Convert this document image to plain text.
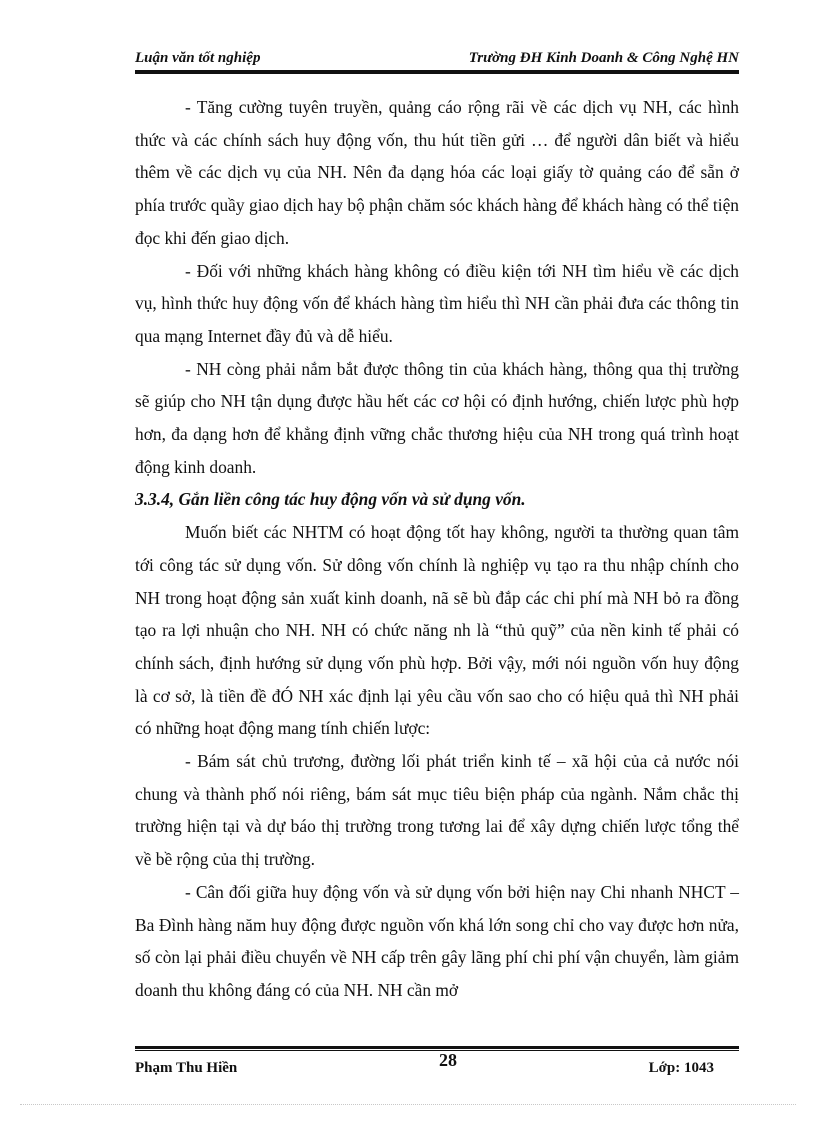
Luận văn tốt nghiệp	Trường ĐH Kinh Doanh & Công Nghệ HN

- Tăng cường tuyên truyền, quảng cáo rộng rãi về các dịch vụ NH, các hình thức và các chính sách huy động vốn, thu hút tiền gửi … để người dân biết và hiểu thêm về các dịch vụ của NH. Nên đa dạng hóa các loại giấy tờ quảng cáo để sẵn ở phía trước quầy giao dịch hay bộ phận chăm sóc khách hàng để khách hàng có thể tiện đọc khi đến giao dịch.

- Đối với những khách hàng không có điều kiện tới NH tìm hiểu về các dịch vụ, hình thức huy động vốn để khách hàng tìm hiểu thì NH cần phải đưa các thông tin qua mạng Internet đầy đủ và dễ hiểu.

- NH còng phải nắm bắt được thông tin của khách hàng, thông qua thị trường sẽ giúp cho NH tận dụng được hầu hết các cơ hội có định hướng, chiến lược phù hợp hơn, đa dạng hơn để khẳng định vững chắc thương hiệu của NH trong quá trình hoạt động kinh doanh.

3.3.4, Gắn liền công tác huy động vốn và sử dụng vốn.

Muốn biết các NHTM có hoạt động tốt hay không, người ta thường quan tâm tới công tác sử dụng vốn. Sử dông vốn chính là nghiệp vụ tạo ra thu nhập chính cho NH trong hoạt động sản xuất kinh doanh, nã sẽ bù đắp các chi phí mà NH bỏ ra đồng tạo ra lợi nhuận cho NH. NH có chức năng nh là “thủ quỹ” của nền kinh tế phải có chính sách, định hướng sử dụng vốn phù hợp. Bởi vậy, mới nói nguồn vốn huy động là cơ sở, là tiền đề đÓ NH xác định lại yêu cầu vốn sao cho có hiệu quả thì NH phải có những hoạt động mang tính chiến lược:

- Bám sát chủ trương, đường lối phát triển kinh tế – xã hội của cả nước nói chung và thành phố nói riêng, bám sát mục tiêu biện pháp của ngành. Nắm chắc thị trường hiện tại và dự báo thị trường trong tương lai để xây dựng chiến lược tổng thể về bề rộng của thị trường.

- Cân đối giữa huy động vốn và sử dụng vốn bởi hiện nay Chi nhanh NHCT – Ba Đình hàng năm huy động được nguồn vốn khá lớn song chỉ cho vay được hơn nửa, số còn lại phải điều chuyển về NH cấp trên gây lãng phí chi phí vận chuyển, làm giảm doanh thu không đáng có của NH. NH cần mở

Phạm Thu Hiền	28	Lớp: 1043
